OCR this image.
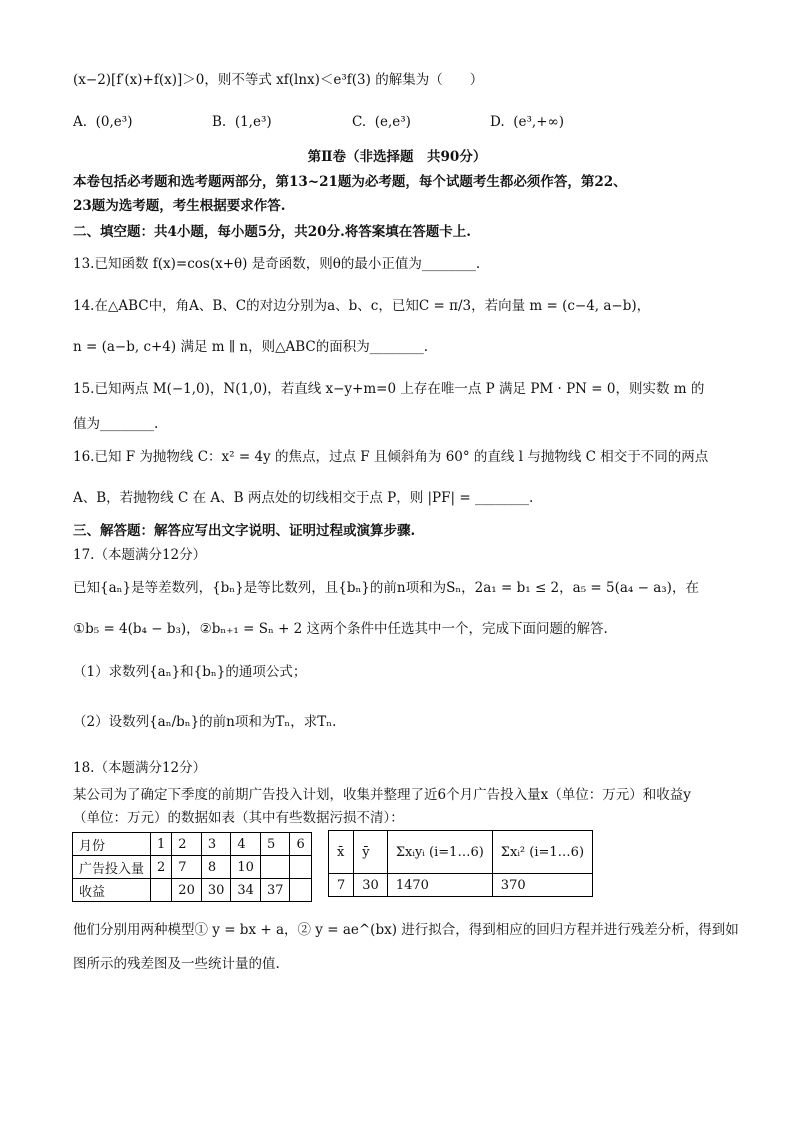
(x−2)[f′(x)+f(x)]＞0，则不等式 xf(lnx)＜e³f(3) 的解集为（　　）
A. (0,e³)	B. (1,e³)	C. (e,e³)	D. (e³,+∞)
第Ⅱ卷（非选择题　共90分）
本卷包括必考题和选考题两部分，第13~21题为必考题，每个试题考生都必须作答，第22、
23题为选考题，考生根据要求作答.
二、填空题：共4小题，每小题5分，共20分.将答案填在答题卡上.
13.已知函数 f(x)=cos(x+θ) 是奇函数，则θ的最小正值为________.
14.在△ABC中，角A、B、C的对边分别为a、b、c，已知C = π/3，若向量 m = (c−4, a−b)，
n = (a−b, c+4) 满足 m ∥ n，则△ABC的面积为________.
15.已知两点 M(−1,0)，N(1,0)，若直线 x−y+m=0 上存在唯一点 P 满足 PM · PN = 0，则实数 m 的
值为________.
16.已知 F 为抛物线 C：x² = 4y 的焦点，过点 F 且倾斜角为 60° 的直线 l 与抛物线 C 相交于不同的两点
A、B，若抛物线 C 在 A、B 两点处的切线相交于点 P，则 |PF| = ________.
三、解答题：解答应写出文字说明、证明过程或演算步骤.
17.（本题满分12分）
已知{aₙ}是等差数列，{bₙ}是等比数列，且{bₙ}的前n项和为Sₙ，2a₁ = b₁ ≤ 2，a₅ = 5(a₄ − a₃)，在
①b₅ = 4(b₄ − b₃)，②bₙ₊₁ = Sₙ + 2 这两个条件中任选其中一个，完成下面问题的解答.
（1）求数列{aₙ}和{bₙ}的通项公式；
（2）设数列{aₙ/bₙ}的前n项和为Tₙ，求Tₙ.
18.（本题满分12分）
某公司为了确定下季度的前期广告投入计划，收集并整理了近6个月广告投入量x（单位：万元）和收益y
（单位：万元）的数据如表（其中有些数据污损不清）：
月份	1	2	3	4	5	6
广告投入量	2	7	8	10		
收益		20	30	34	37	
x̄	ȳ	Σxᵢyᵢ (i=1…6)	Σxᵢ² (i=1…6)
7	30	1470	370
他们分别用两种模型① y = bx + a，② y = ae^(bx) 进行拟合，得到相应的回归方程并进行残差分析，得到如
图所示的残差图及一些统计量的值.
